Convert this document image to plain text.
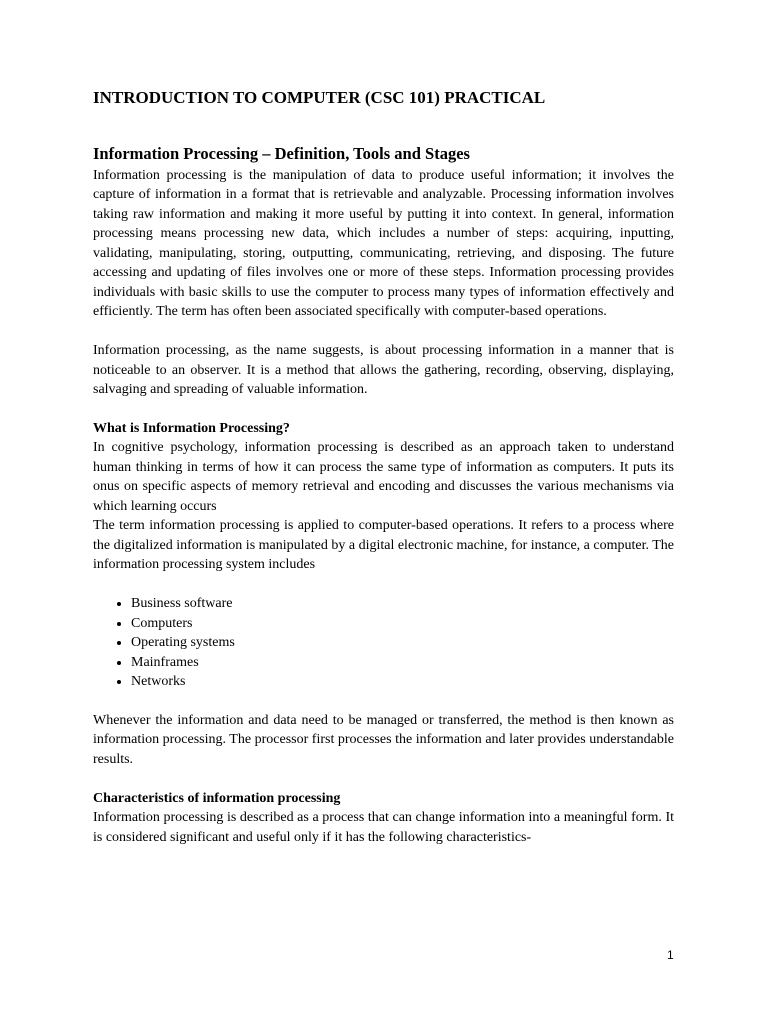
INTRODUCTION TO COMPUTER (CSC 101) PRACTICAL
Information Processing – Definition, Tools and Stages

Information processing is the manipulation of data to produce useful information; it involves the capture of information in a format that is retrievable and analyzable. Processing information involves taking raw information and making it more useful by putting it into context. In general, information processing means processing new data, which includes a number of steps: acquiring, inputting, validating, manipulating, storing, outputting, communicating, retrieving, and disposing. The future accessing and updating of files involves one or more of these steps. Information processing provides individuals with basic skills to use the computer to process many types of information effectively and efficiently. The term has often been associated specifically with computer-based operations.

Information processing, as the name suggests, is about processing information in a manner that is noticeable to an observer. It is a method that allows the gathering, recording, observing, displaying, salvaging and spreading of valuable information.

What is Information Processing?

In cognitive psychology, information processing is described as an approach taken to understand human thinking in terms of how it can process the same type of information as computers. It puts its onus on specific aspects of memory retrieval and encoding and discusses the various mechanisms via which learning occurs

The term information processing is applied to computer-based operations. It refers to a process where the digitalized information is manipulated by a digital electronic machine, for instance, a computer. The information processing system includes

• Business software
• Computers
• Operating systems
• Mainframes
• Networks

Whenever the information and data need to be managed or transferred, the method is then known as information processing. The processor first processes the information and later provides understandable results.

Characteristics of information processing

Information processing is described as a process that can change information into a meaningful form. It is considered significant and useful only if it has the following characteristics-

1
